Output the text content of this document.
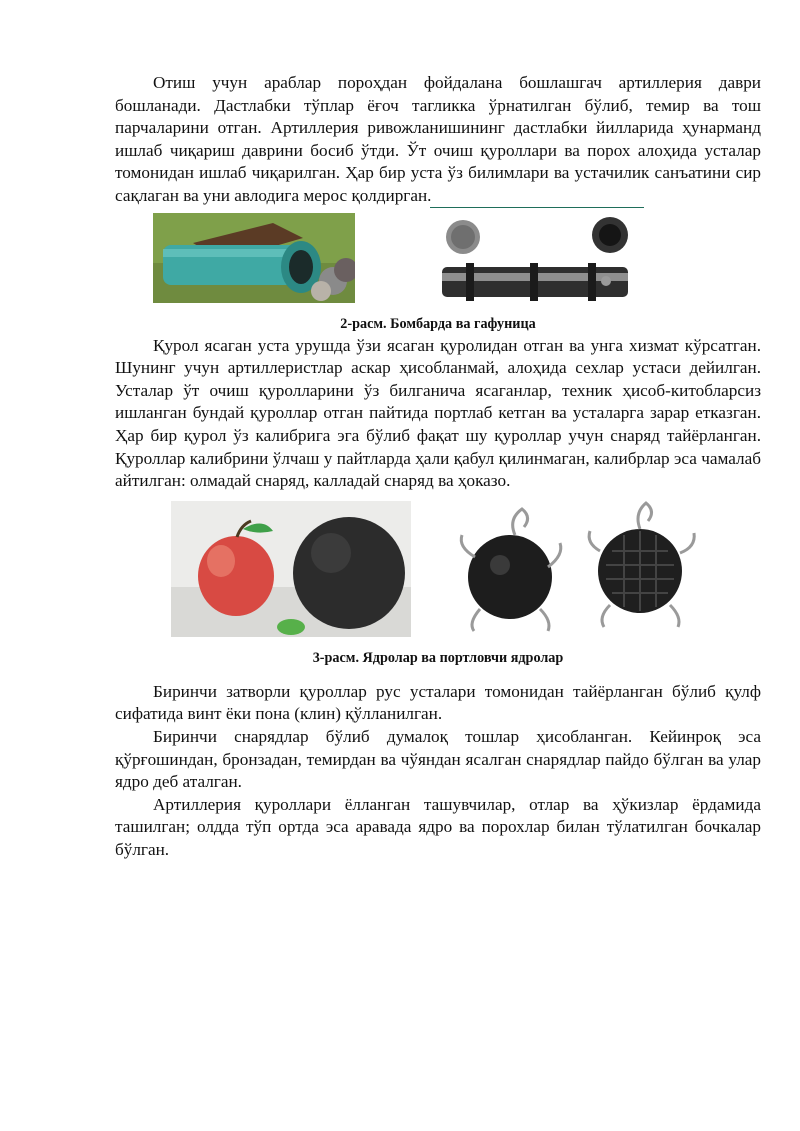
Отиш учун араблар пороҳдан фойдалана бошлашгач артиллерия даври бошланади. Дастлабки тўплар ёғоч тагликка ўрнатилган бўлиб, темир ва тош парчаларини отган. Артиллерия ривожланишининг дастлабки йилларида ҳунарманд ишлаб чиқариш даврини босиб ўтди. Ўт очиш қуроллари ва порох алоҳида усталар томонидан ишлаб чиқарилган. Ҳар бир уста ўз билимлари ва устачилик санъатини сир сақлаган ва уни авлодига мерос қолдирган.

2-расм. Бомбарда ва гафуница

Қурол ясаган уста урушда ўзи ясаган қуролидан отган ва унга хизмат кўрсатган. Шунинг учун артиллеристлар аскар ҳисобланмай, алоҳида сехлар устаси дейилган. Усталар ўт очиш қуролларини ўз билганича ясаганлар, техник ҳисоб-китобларсиз ишланган бундай қуроллар отган пайтида портлаб кетган ва усталарга зарар етказган. Ҳар бир қурол ўз калибрига эга бўлиб фақат шу қуроллар учун снаряд тайёрланган. Қуроллар калибрини ўлчаш у пайтларда ҳали қабул қилинмаган, калибрлар эса чамалаб айтилган: олмадай снаряд, калладай снаряд ва ҳоказо.

3-расм. Ядролар ва портловчи ядролар

Биринчи затворли қуроллар рус усталари томонидан тайёрланган бўлиб қулф сифатида винт ёки пона (клин) қўлланилган.

Биринчи снарядлар бўлиб думалоқ тошлар ҳисобланган. Кейинроқ эса қўрғошиндан, бронзадан, темирдан ва чўяндан ясалган снарядлар пайдо бўлган ва улар ядро деб аталган.

Артиллерия қуроллари ёлланган ташувчилар, отлар ва ҳўкизлар ёрдамида ташилган; олдда тўп ортда эса аравада ядро ва порохлар билан тўлатилган бочкалар бўлган.
